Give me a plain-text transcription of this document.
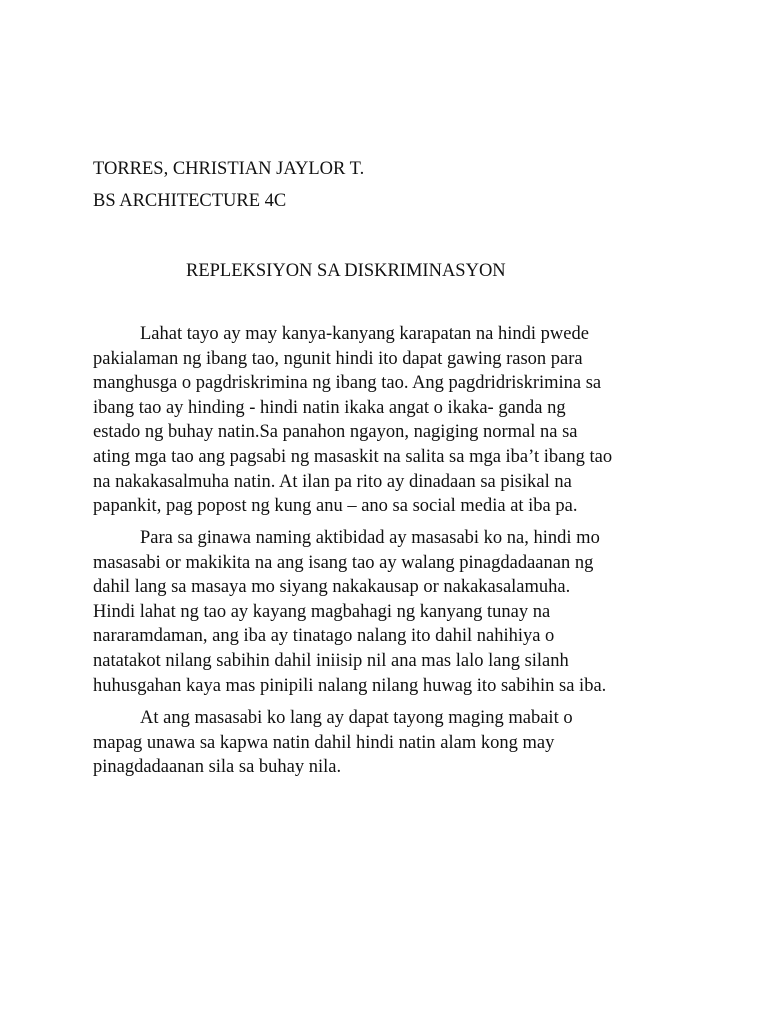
TORRES, CHRISTIAN JAYLOR T.
BS ARCHITECTURE 4C
REPLEKSIYON SA DISKRIMINASYON
Lahat tayo ay may kanya-kanyang karapatan na hindi pwede
pakialaman ng ibang tao, ngunit hindi ito dapat gawing rason para
manghusga o pagdriskrimina ng ibang tao. Ang pagdridriskrimina sa
ibang tao ay hinding - hindi natin ikaka angat o ikaka- ganda ng
estado ng buhay natin.Sa panahon ngayon, nagiging normal na sa
ating mga tao ang pagsabi ng masaskit na salita sa mga iba’t ibang tao
na nakakasalmuha natin. At ilan pa rito ay dinadaan sa pisikal na
papankit, pag popost ng kung anu – ano sa social media at iba pa.
Para sa ginawa naming aktibidad ay masasabi ko na, hindi mo
masasabi or makikita na ang isang tao ay walang pinagdadaanan ng
dahil lang sa masaya mo siyang nakakausap or nakakasalamuha.
Hindi lahat ng tao ay kayang magbahagi ng kanyang tunay na
nararamdaman, ang iba ay tinatago nalang ito dahil nahihiya o
natatakot nilang sabihin dahil iniisip nil ana mas lalo lang silanh
huhusgahan kaya mas pinipili nalang nilang huwag ito sabihin sa iba.
At ang masasabi ko lang ay dapat tayong maging mabait o
mapag unawa sa kapwa natin dahil hindi natin alam kong may
pinagdadaanan sila sa buhay nila.
